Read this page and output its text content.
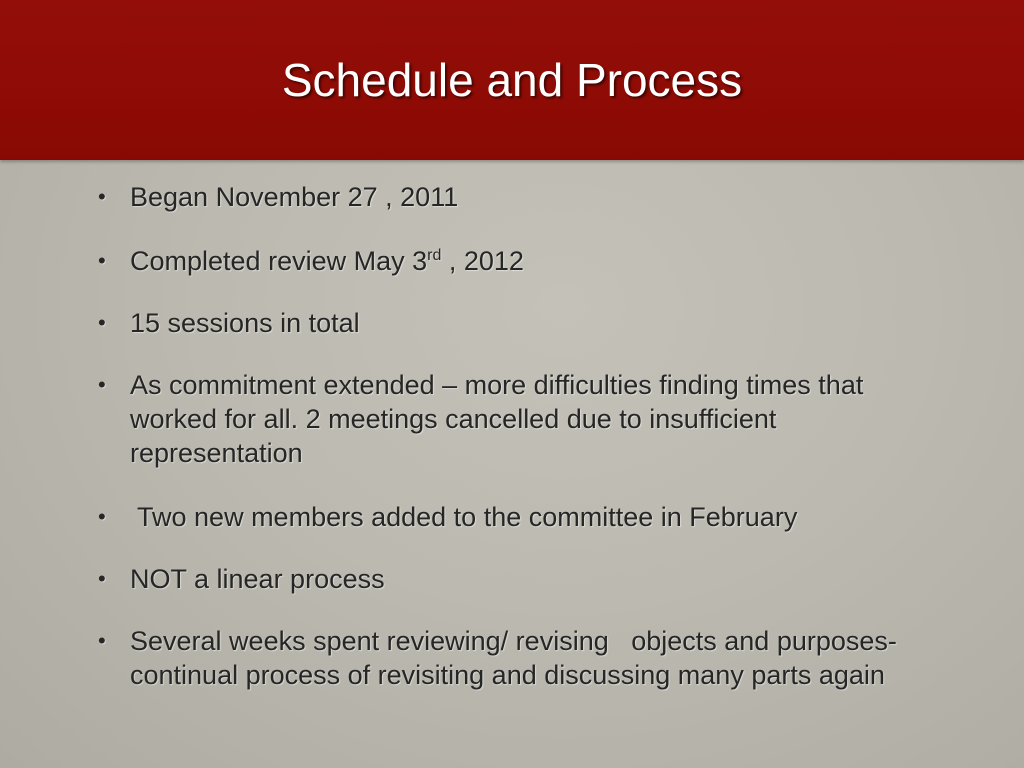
Schedule and Process
• Began November 27 , 2011
• Completed review May 3rd , 2012
• 15 sessions in total
• As commitment extended – more difficulties finding times that worked for all. 2 meetings cancelled due to insufficient representation
• Two new members added to the committee in February
• NOT a linear process
• Several weeks spent reviewing/ revising   objects and purposes- continual process of revisiting and discussing many parts again
